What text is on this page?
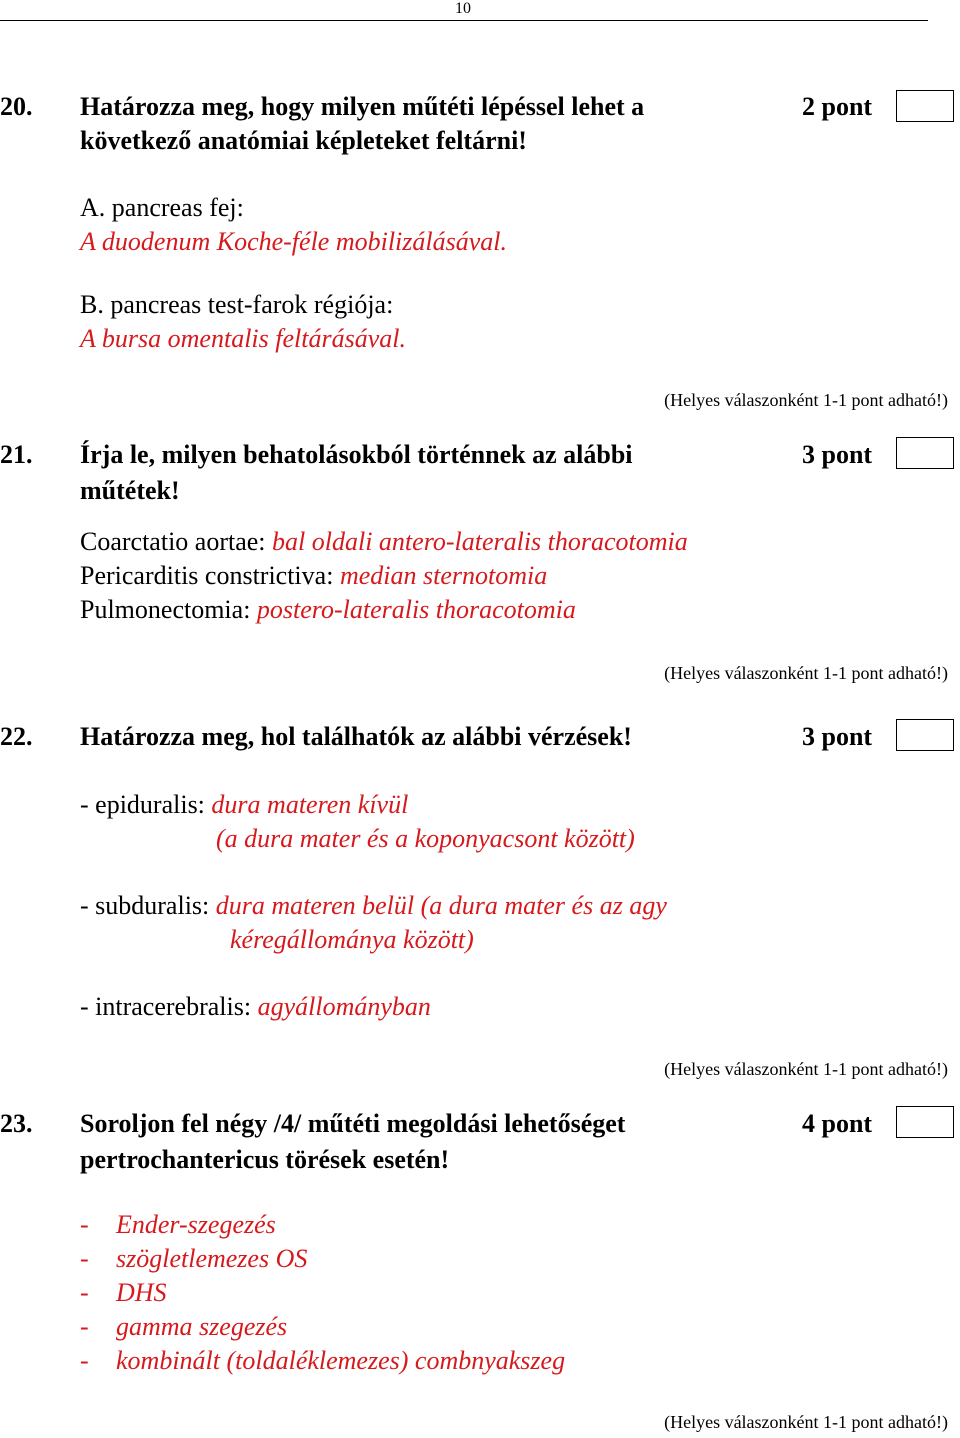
10
20. Határozza meg, hogy milyen műtéti lépéssel lehet a
következő anatómiai képleteket feltárni!
2 pont
A. pancreas fej:
A duodenum Koche-féle mobilizálásával.
B. pancreas test-farok régiója:
A bursa omentalis feltárásával.
(Helyes válaszonként 1-1 pont adható!)
21. Írja le, milyen behatolásokból történnek az alábbi
műtétek!
3 pont
Coarctatio aortae: bal oldali antero-lateralis thoracotomia
Pericarditis constrictiva: median sternotomia
Pulmonectomia: postero-lateralis thoracotomia
(Helyes válaszonként 1-1 pont adható!)
22. Határozza meg, hol találhatók az alábbi vérzések!	3 pont
- epiduralis: dura materen kívül
(a dura mater és a koponyacsont között)
- subduralis: dura materen belül (a dura mater és az agy
kéregállománya között)
- intracerebralis: agyállományban
(Helyes válaszonként 1-1 pont adható!)
23. Soroljon fel négy /4/ műtéti megoldási lehetőséget
pertrochantericus törések esetén!
4 pont
- Ender-szegezés
- szögletlemezes OS
- DHS
- gamma szegezés
- kombinált (toldaléklemezes) combnyakszeg
(Helyes válaszonként 1-1 pont adható!)
